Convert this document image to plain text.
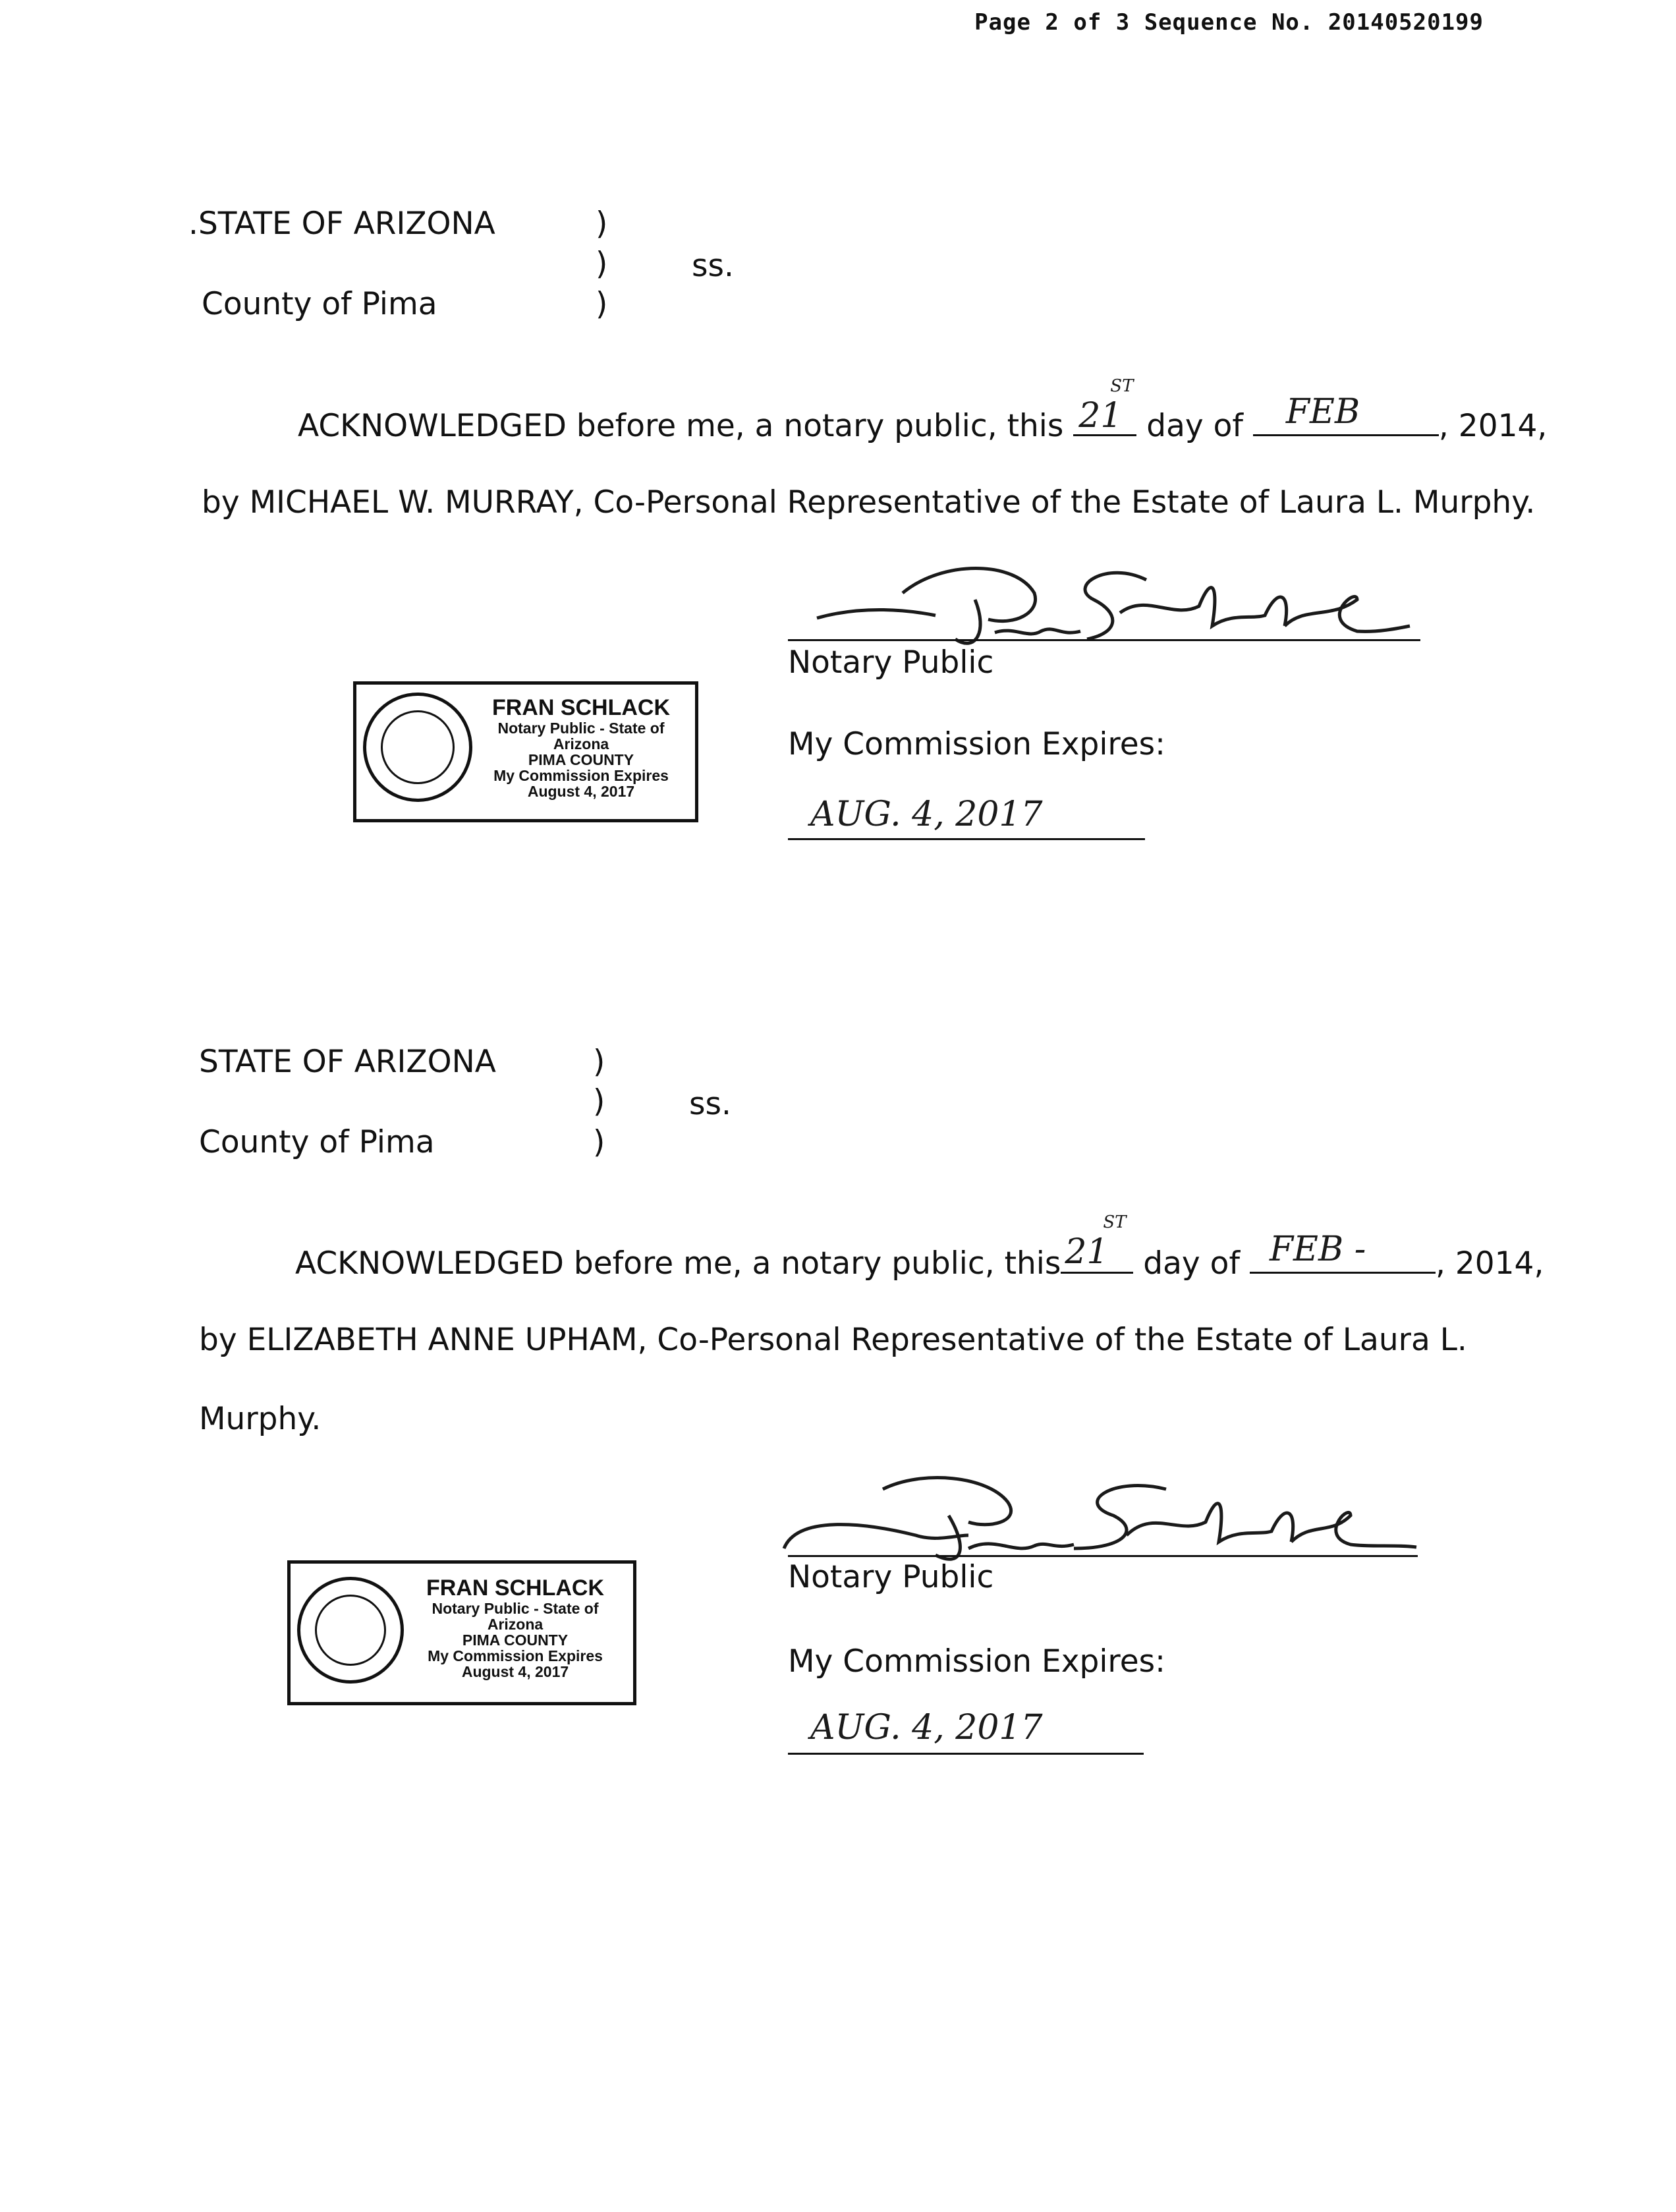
Page 2 of 3 Sequence No. 20140520199
.STATE OF ARIZONA	)
)	ss.
County of Pima	)
ACKNOWLEDGED before me, a notary public, this 21
ST
day of FEB	, 2014,
by MICHAEL W. MURRAY, Co-Personal Representative of the Estate of Laura L. Murphy.
Notary Public
FRAN SCHLACK
Notary Public - State of Arizona
PIMA COUNTY
My Commission Expires
August 4, 2017
My Commission Expires:
AUG. 4, 2017
STATE OF ARIZONA	)
)	ss.
County of Pima	)
ACKNOWLEDGED before me, a notary public, this 21
ST
day of FEB - , 2014,
by ELIZABETH ANNE UPHAM, Co-Personal Representative of the Estate of Laura L.
Murphy.
Notary Public
FRAN SCHLACK
Notary Public - State of Arizona
PIMA COUNTY
My Commission Expires
August 4, 2017	My Commission Expires:
AUG. 4, 2017
